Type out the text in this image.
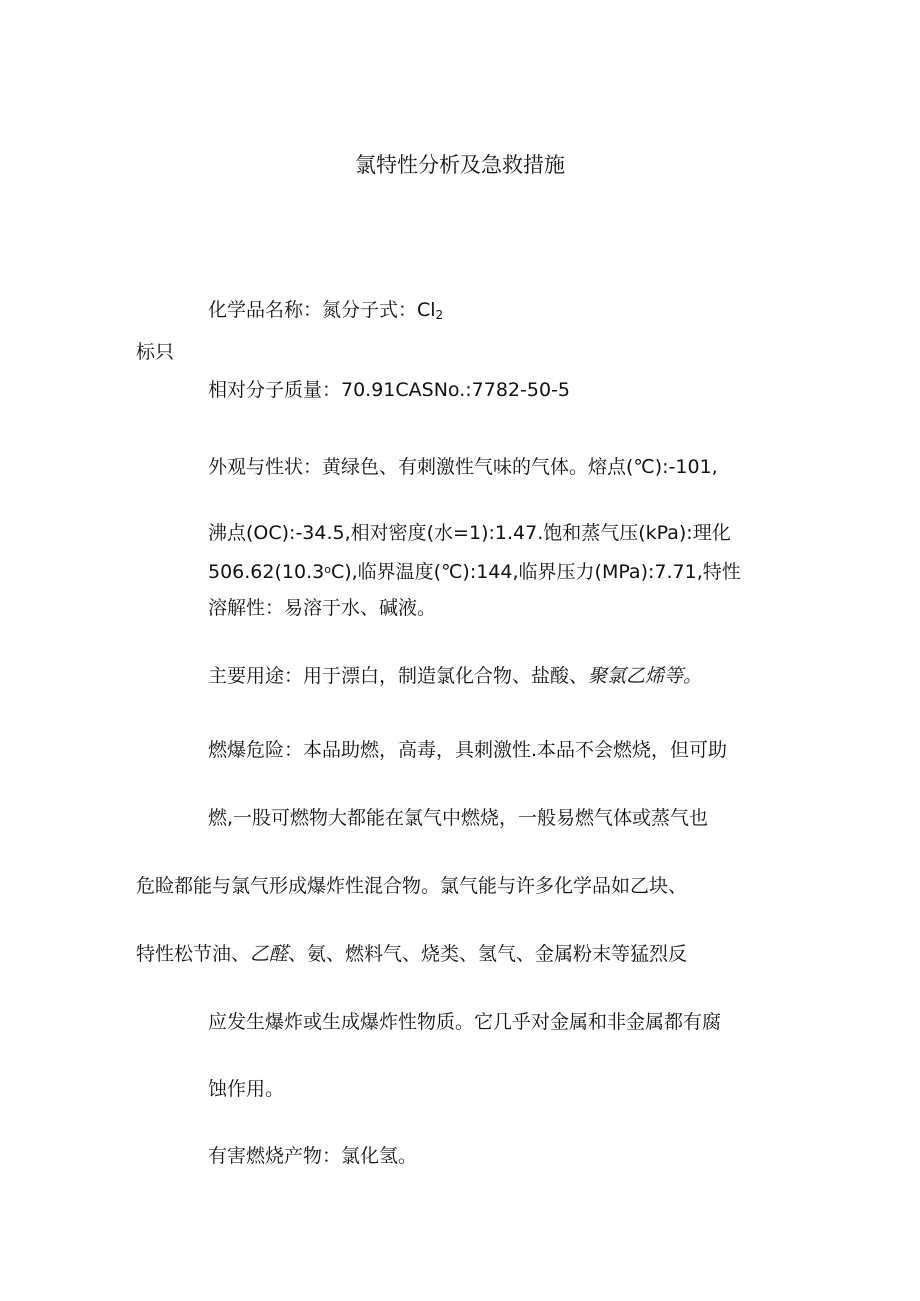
氯特性分析及急救措施
化学品名称：氮分子式：$Cl_2$
标只
相对分子质量：70.91CASNo.:7782-50-5
外观与性状：黄绿色、有刺激性气味的气体。熔点(℃):-101,
沸点(OC):-34.5,相对密度(水=1):1.47.饱和蒸气压(kPa):理化
506.62(10.3$^o$C),临界温度(℃):144,临界压力(MPa):7.71,特性
溶解性：易溶于水、碱液。
主要用途：用于漂白，制造氯化合物、盐酸、聚氯乙烯等。
燃爆危险：本品助燃，高毒，具刺激性.本品不会燃烧，但可助
燃,一股可燃物大都能在氯气中燃烧，一般易燃气体或蒸气也
危睑都能与氯气形成爆炸性混合物。氯气能与许多化学品如乙块、
特性松节油、乙醛、氨、燃料气、烧类、氢气、金属粉末等猛烈反
应发生爆炸或生成爆炸性物质。它几乎对金属和非金属都有腐
蚀作用。
有害燃烧产物：氯化氢。
